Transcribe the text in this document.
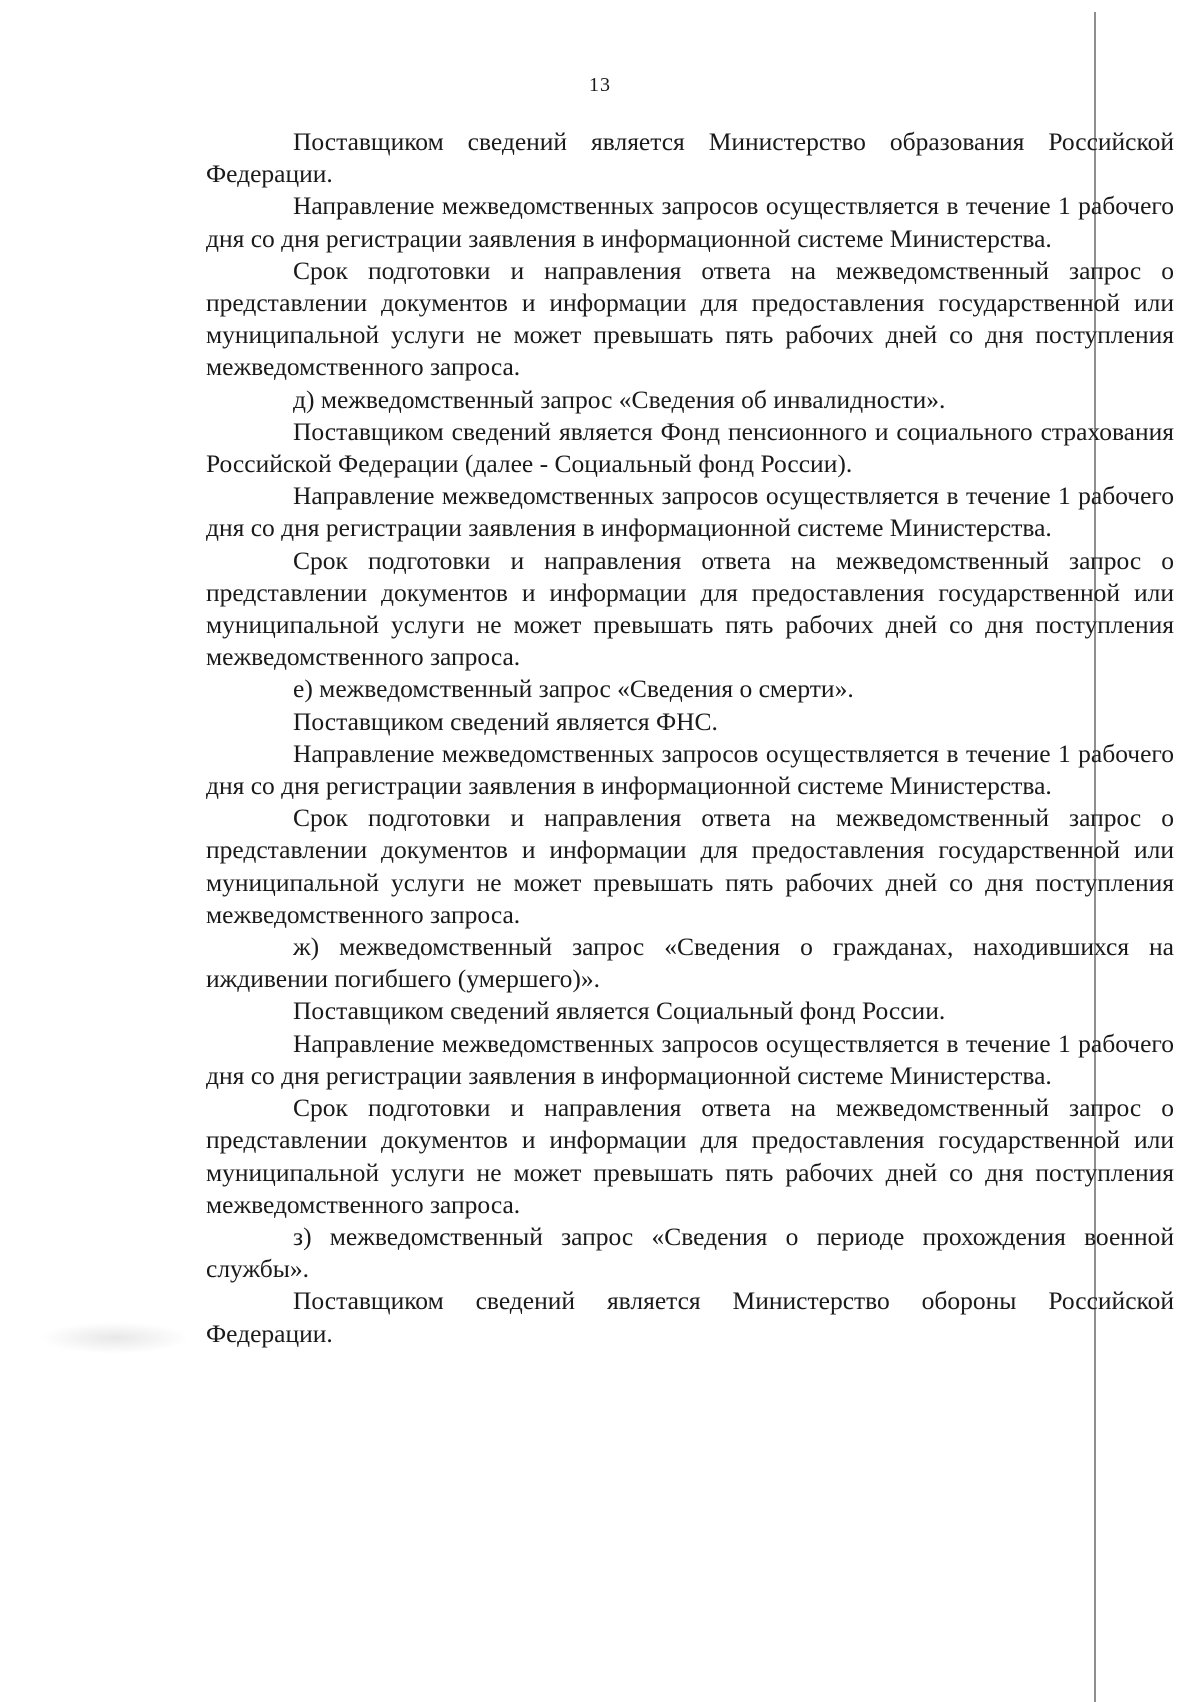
13

Поставщиком сведений является Министерство образования Российской Федерации.

Направление межведомственных запросов осуществляется в течение 1 рабочего дня со дня регистрации заявления в информационной системе Министерства.

Срок подготовки и направления ответа на межведомственный запрос о представлении документов и информации для предоставления государственной или муниципальной услуги не может превышать пять рабочих дней со дня поступления межведомственного запроса.

д) межведомственный запрос «Сведения об инвалидности».

Поставщиком сведений является Фонд пенсионного и социального страхования Российской Федерации (далее - Социальный фонд России).

Направление межведомственных запросов осуществляется в течение 1 рабочего дня со дня регистрации заявления в информационной системе Министерства.

Срок подготовки и направления ответа на межведомственный запрос о представлении документов и информации для предоставления государственной или муниципальной услуги не может превышать пять рабочих дней со дня поступления межведомственного запроса.

е) межведомственный запрос «Сведения о смерти».

Поставщиком сведений является ФНС.

Направление межведомственных запросов осуществляется в течение 1 рабочего дня со дня регистрации заявления в информационной системе Министерства.

Срок подготовки и направления ответа на межведомственный запрос о представлении документов и информации для предоставления государственной или муниципальной услуги не может превышать пять рабочих дней со дня поступления межведомственного запроса.

ж) межведомственный запрос «Сведения о гражданах, находившихся на иждивении погибшего (умершего)».

Поставщиком сведений является Социальный фонд России.

Направление межведомственных запросов осуществляется в течение 1 рабочего дня со дня регистрации заявления в информационной системе Министерства.

Срок подготовки и направления ответа на межведомственный запрос о представлении документов и информации для предоставления государственной или муниципальной услуги не может превышать пять рабочих дней со дня поступления межведомственного запроса.

з) межведомственный запрос «Сведения о периоде прохождения военной службы».

Поставщиком сведений является Министерство обороны Российской Федерации.
